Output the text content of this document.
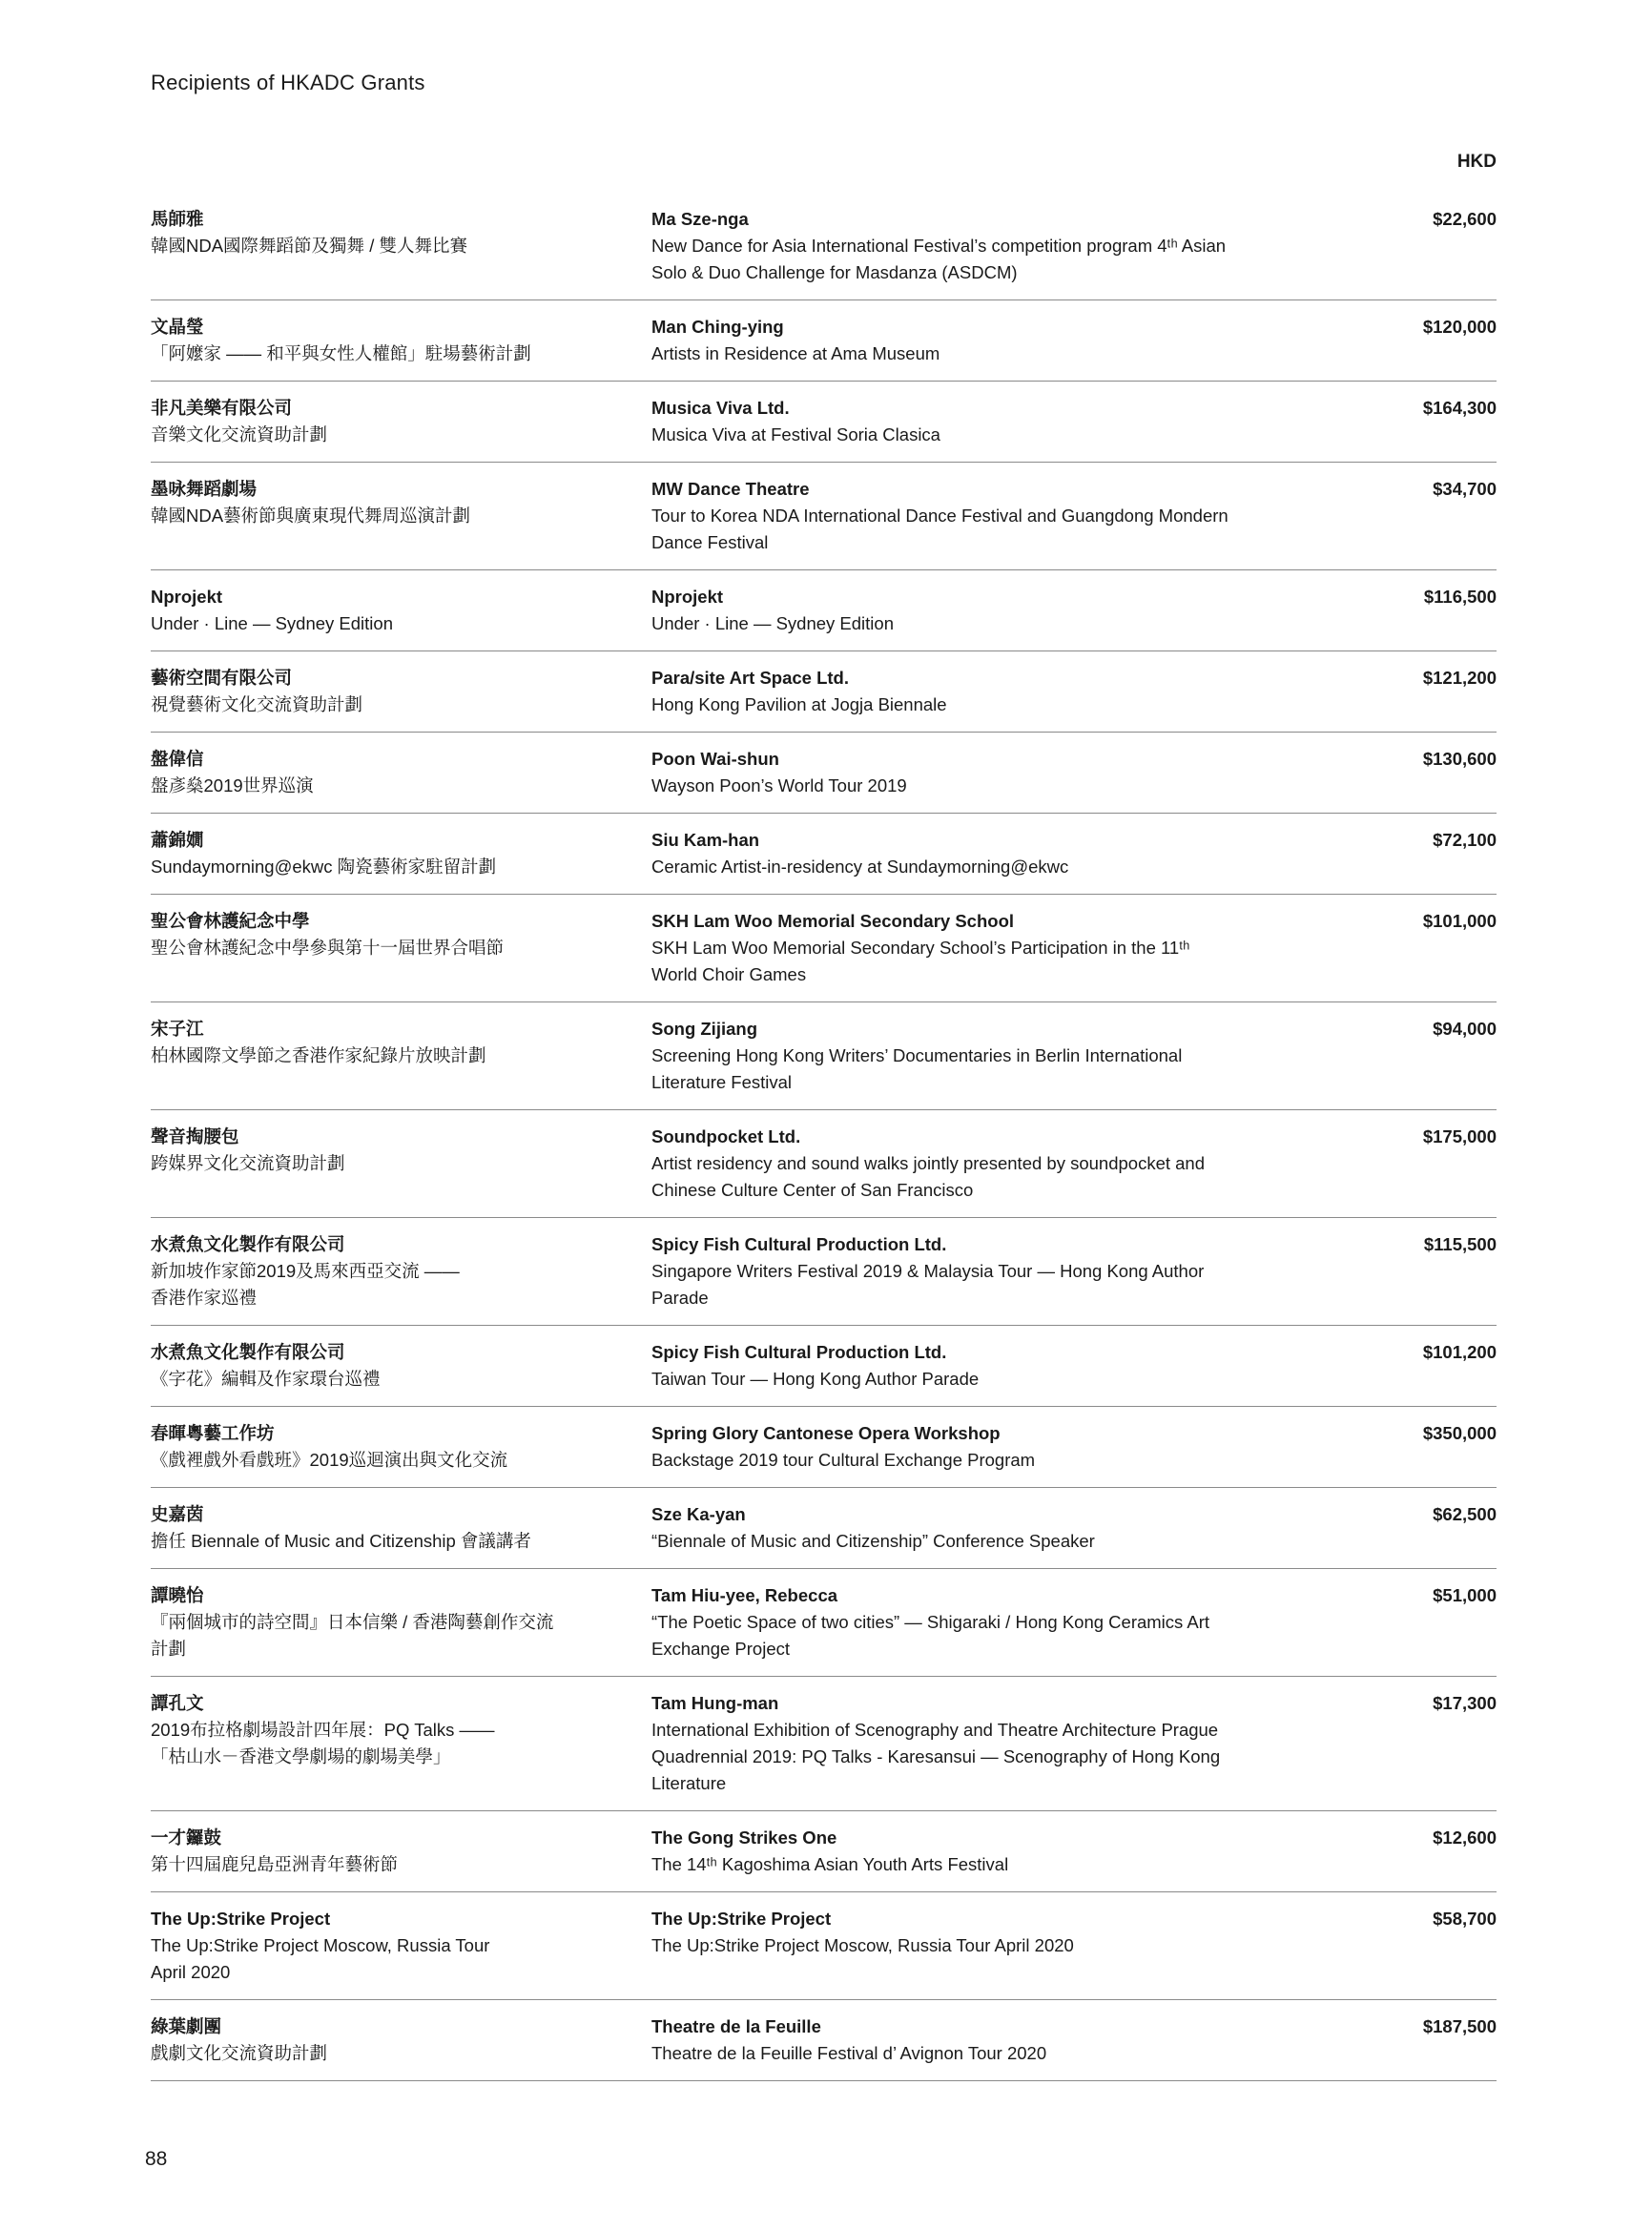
Recipients of HKADC Grants
HKD
馬師雅
韓國NDA國際舞蹈節及獨舞 / 雙人舞比賽
Ma Sze-nga
New Dance for Asia International Festival’s competition program 4ᵗʰ Asian
Solo & Duo Challenge for Masdanza (ASDCM)
$22,600
文晶瑩
「阿嬤家 —— 和平與女性人權館」駐場藝術計劃
Man Ching-ying
Artists in Residence at Ama Museum
$120,000
非凡美樂有限公司
音樂文化交流資助計劃
Musica Viva Ltd.
Musica Viva at Festival Soria Clasica
$164,300
墨咏舞蹈劇場
韓國NDA藝術節與廣東現代舞周巡演計劃
MW Dance Theatre
Tour to Korea NDA International Dance Festival and Guangdong Mondern
Dance Festival
$34,700
Nprojekt
Under · Line — Sydney Edition
Nprojekt
Under · Line — Sydney Edition
$116,500
藝術空間有限公司
視覺藝術文化交流資助計劃
Para/site Art Space Ltd.
Hong Kong Pavilion at Jogja Biennale
$121,200
盤偉信
盤彥燊2019世界巡演
Poon Wai-shun
Wayson Poon’s World Tour 2019
$130,600
蕭錦嫺
Sundaymorning@ekwc 陶瓷藝術家駐留計劃
Siu Kam-han
Ceramic Artist-in-residency at Sundaymorning@ekwc
$72,100
聖公會林護紀念中學
聖公會林護紀念中學參與第十一屆世界合唱節
SKH Lam Woo Memorial Secondary School
SKH Lam Woo Memorial Secondary School’s Participation in the 11ᵗʰ
World Choir Games
$101,000
宋子江
柏林國際文學節之香港作家紀錄片放映計劃
Song Zijiang
Screening Hong Kong Writers’ Documentaries in Berlin International
Literature Festival
$94,000
聲音掏腰包
跨媒界文化交流資助計劃
Soundpocket Ltd.
Artist residency and sound walks jointly presented by soundpocket and
Chinese Culture Center of San Francisco
$175,000
水煮魚文化製作有限公司
新加坡作家節2019及馬來西亞交流 ——
香港作家巡禮
Spicy Fish Cultural Production Ltd.
Singapore Writers Festival 2019 & Malaysia Tour — Hong Kong Author
Parade
$115,500
水煮魚文化製作有限公司
《字花》編輯及作家環台巡禮
Spicy Fish Cultural Production Ltd.
Taiwan Tour — Hong Kong Author Parade
$101,200
春暉粵藝工作坊
《戲裡戲外看戲班》2019巡迴演出與文化交流
Spring Glory Cantonese Opera Workshop
Backstage 2019 tour Cultural Exchange Program
$350,000
史嘉茵
擔任 Biennale of Music and Citizenship 會議講者
Sze Ka-yan
“Biennale of Music and Citizenship” Conference Speaker
$62,500
譚曉怡
『兩個城市的詩空間』日本信樂 / 香港陶藝創作交流
計劃
Tam Hiu-yee, Rebecca
“The Poetic Space of two cities” — Shigaraki / Hong Kong Ceramics Art
Exchange Project
$51,000
譚孔文
2019布拉格劇場設計四年展：PQ Talks ——
「枯山水－香港文學劇場的劇場美學」
Tam Hung-man
International Exhibition of Scenography and Theatre Architecture Prague
Quadrennial 2019: PQ Talks - Karesansui — Scenography of Hong Kong
Literature
$17,300
一才鑼鼓
第十四屆鹿兒島亞洲青年藝術節
The Gong Strikes One
The 14ᵗʰ Kagoshima Asian Youth Arts Festival
$12,600
The Up:Strike Project
The Up:Strike Project Moscow, Russia Tour
April 2020
The Up:Strike Project
The Up:Strike Project Moscow, Russia Tour April 2020
$58,700
綠葉劇團
戲劇文化交流資助計劃
Theatre de la Feuille
Theatre de la Feuille Festival d’ Avignon Tour 2020
$187,500
88
